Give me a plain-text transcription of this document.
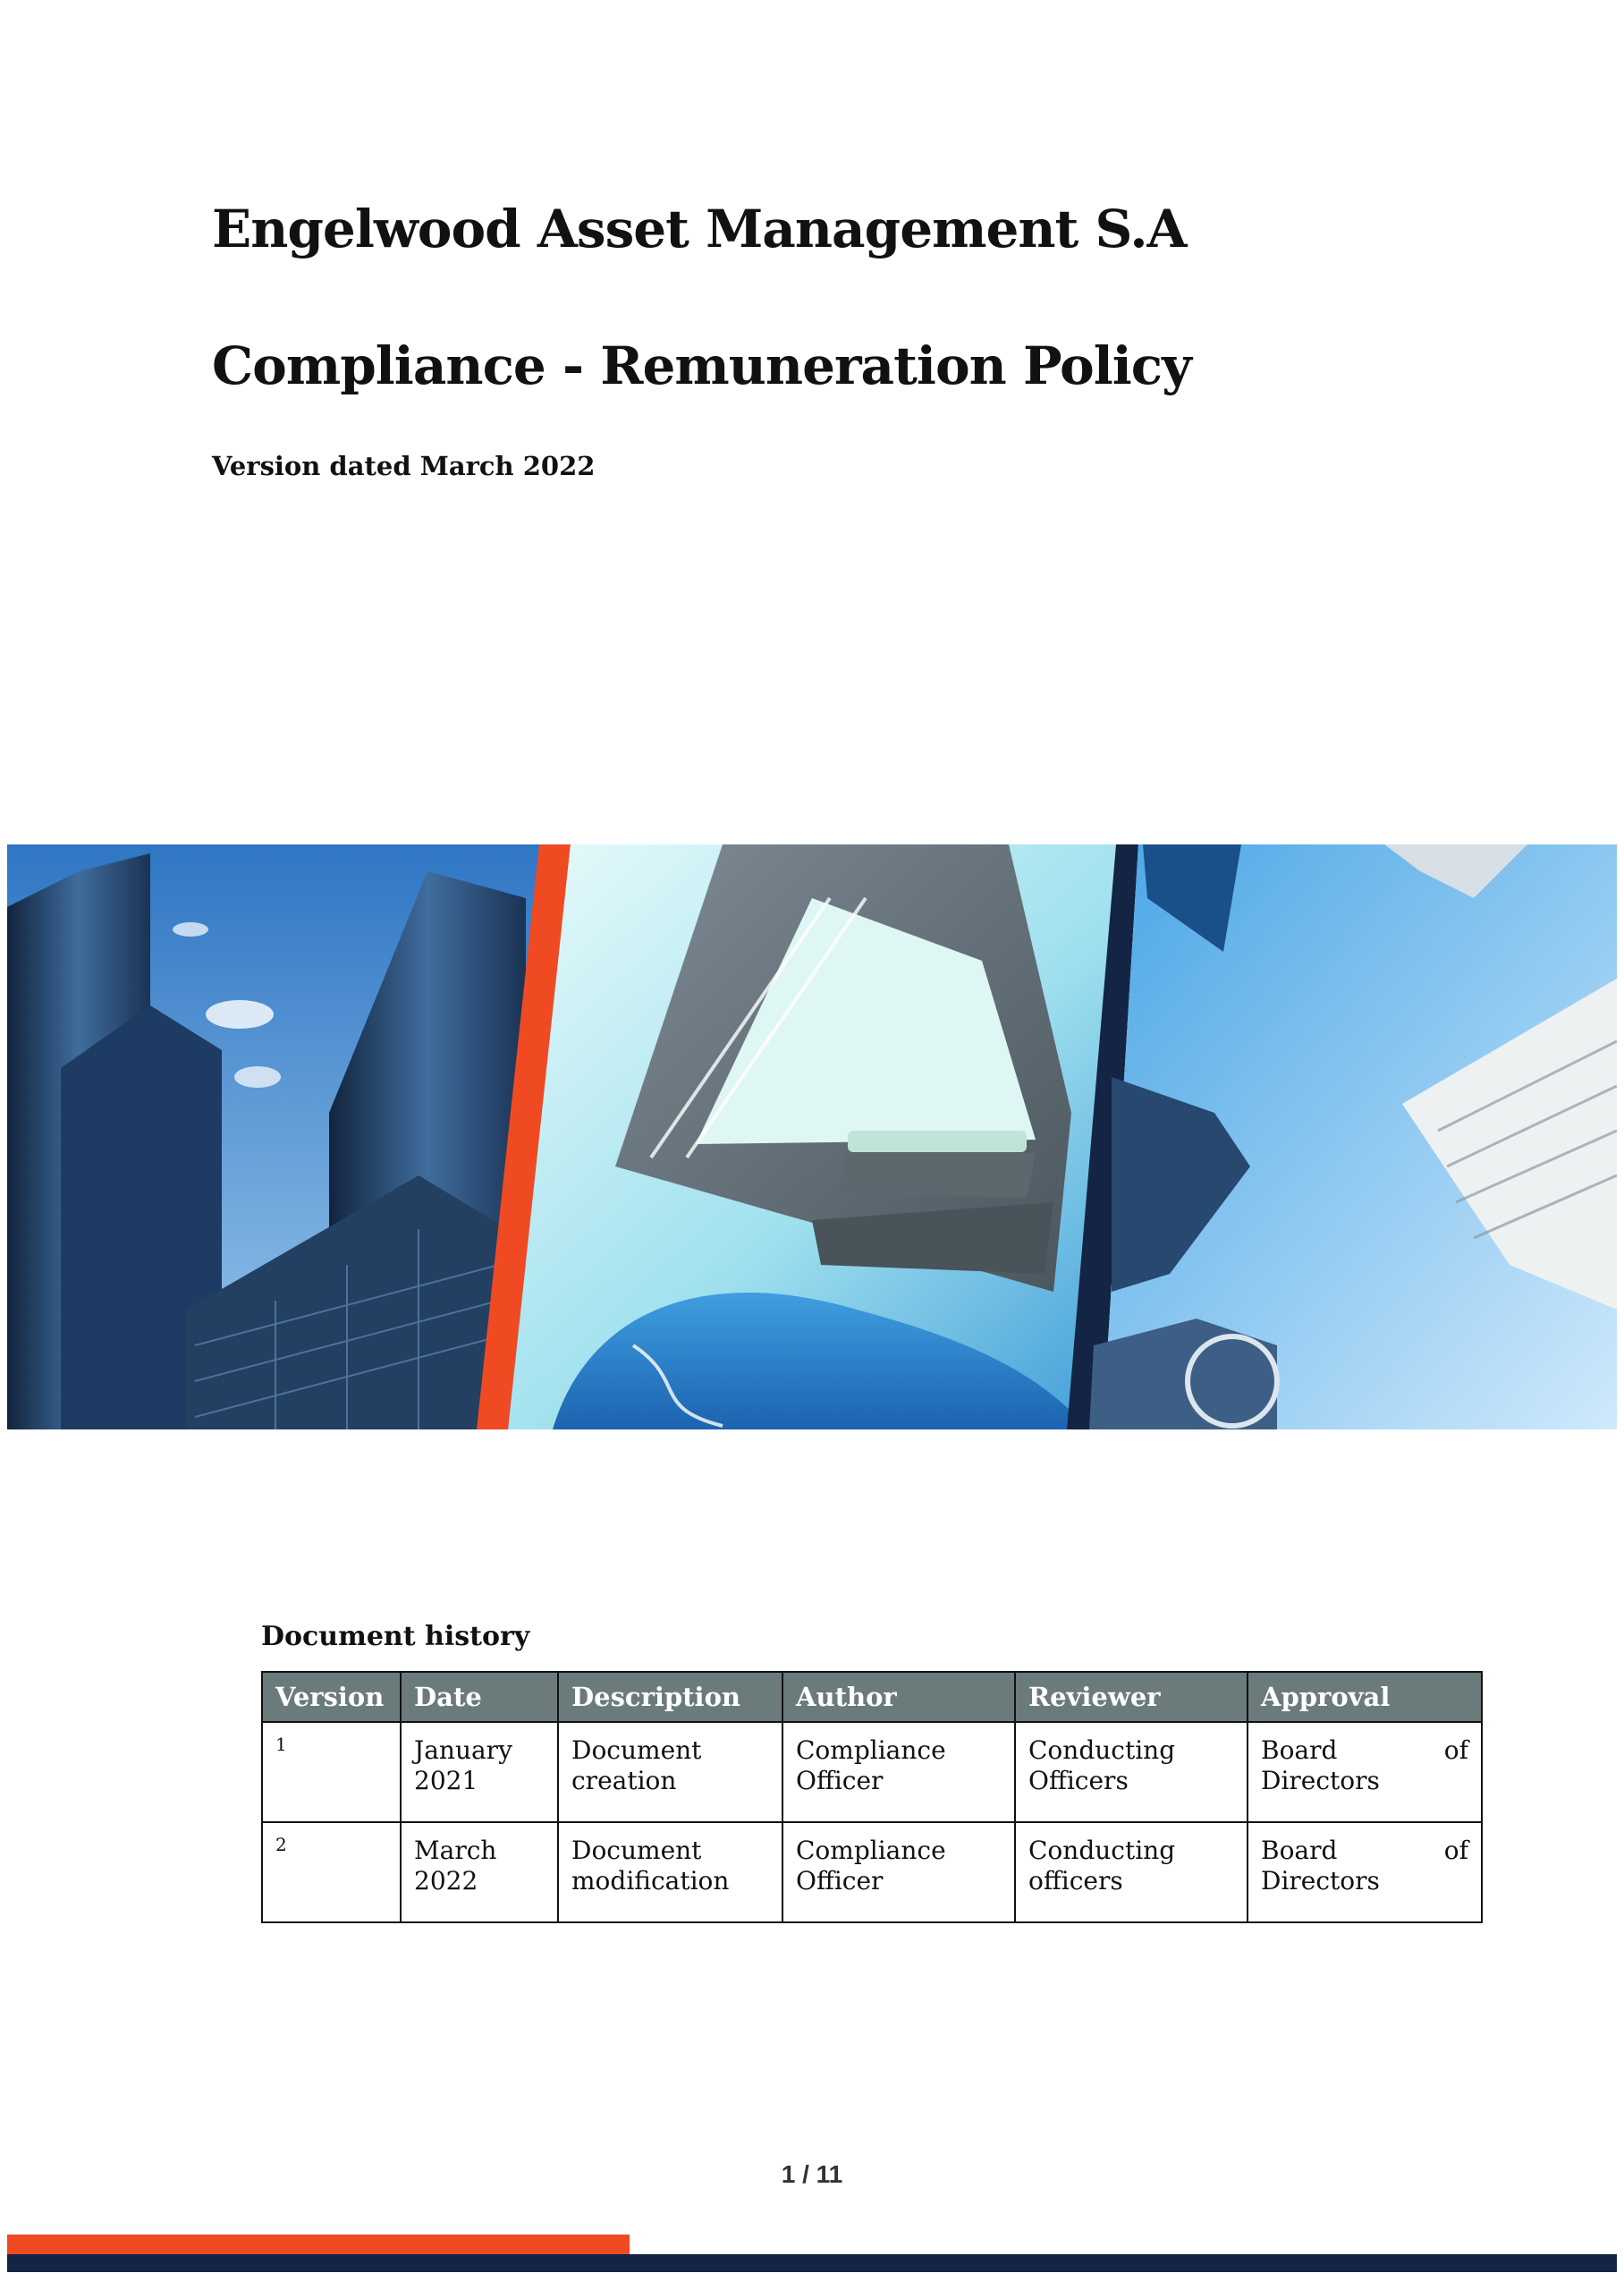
Engelwood Asset Management S.A
Compliance - Remuneration Policy

Version dated March 2022

Document history
Version	Date	Description	Author	Reviewer	Approval
1	January 2021	Document creation	Compliance Officer	Conducting Officers	Board of
Directors

2	March 2022	Document modification	Compliance Officer	Conducting officers	Board of
Directors
1 / 11
